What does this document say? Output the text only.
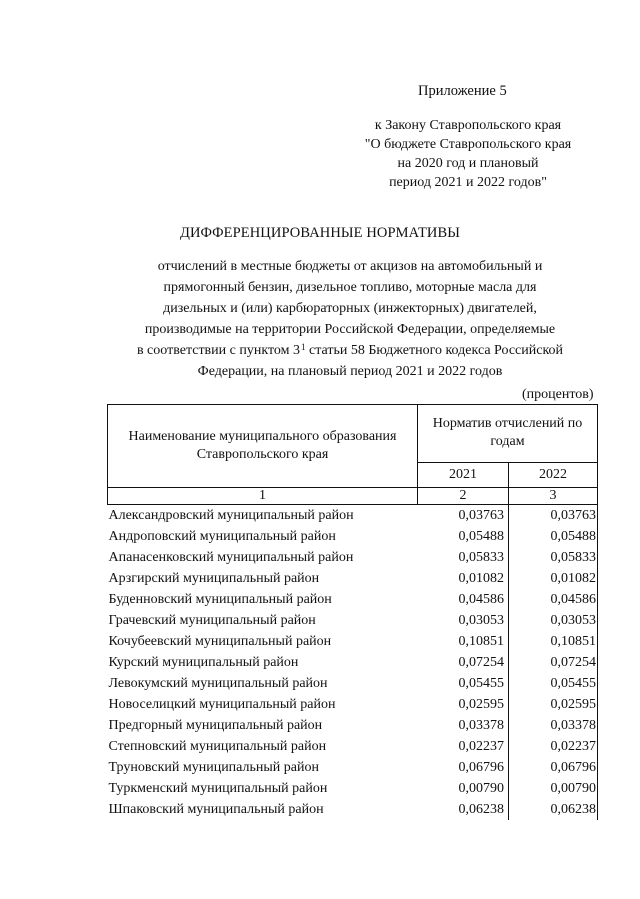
Приложение 5
к Закону Ставропольского края
"О бюджете Ставропольского края
на 2020 год и плановый
период 2021 и 2022 годов"
ДИФФЕРЕНЦИРОВАННЫЕ НОРМАТИВЫ
отчислений в местные бюджеты от акцизов на автомобильный и
прямогонный бензин, дизельное топливо, моторные масла для
дизельных и (или) карбюраторных (инжекторных) двигателей,
производимые на территории Российской Федерации, определяемые
в соответствии с пунктом $3^1$ статьи 58 Бюджетного кодекса Российской
Федерации, на плановый период 2021 и 2022 годов
(процентов)
Наименование муниципального образования Ставропольского края	Норматив отчислений по годам	
	2021	2022
1	2	3
Александровский муниципальный район	0,03763	0,03763
Андроповский муниципальный район	0,05488	0,05488
Апанасенковский муниципальный район	0,05833	0,05833
Арзгирский муниципальный район	0,01082	0,01082
Буденновский муниципальный район	0,04586	0,04586
Грачевский муниципальный район	0,03053	0,03053
Кочубеевский муниципальный район	0,10851	0,10851
Курский муниципальный район	0,07254	0,07254
Левокумский муниципальный район	0,05455	0,05455
Новоселицкий муниципальный район	0,02595	0,02595
Предгорный муниципальный район	0,03378	0,03378
Степновский муниципальный район	0,02237	0,02237
Труновский муниципальный район	0,06796	0,06796
Туркменский муниципальный район	0,00790	0,00790
Шпаковский муниципальный район	0,06238	0,06238
